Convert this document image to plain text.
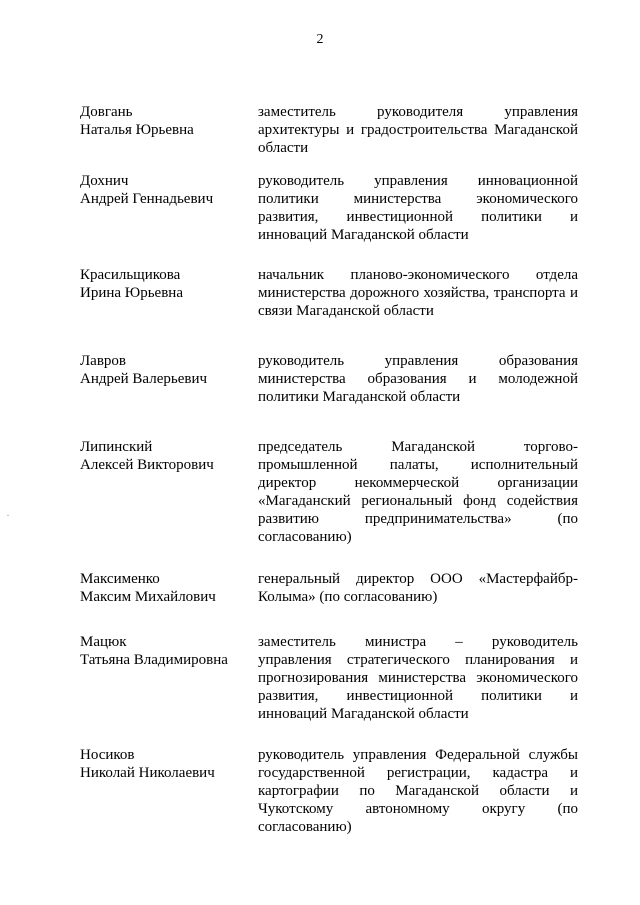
2
Довгань
Наталья Юрьевна
заместитель руководителя управления
архитектуры и градостроительства Магаданской
области
Дохнич
Андрей Геннадьевич
руководитель управления инновационной
политики министерства экономического
развития, инвестиционной политики и
инноваций Магаданской области
Красильщикова
Ирина Юрьевна
начальник планово-экономического отдела
министерства дорожного хозяйства, транспорта и
связи Магаданской области
Лавров
Андрей Валерьевич
руководитель управления образования
министерства образования и молодежной
политики Магаданской области
Липинский
Алексей Викторович
председатель Магаданской торгово-
промышленной палаты, исполнительный
директор некоммерческой организации
«Магаданский региональный фонд содействия
развитию предпринимательства» (по
согласованию)
Максименко
Максим Михайлович
генеральный директор ООО «Мастерфайбр-
Колыма» (по согласованию)
Мацюк
Татьяна Владимировна
заместитель министра – руководитель
управления стратегического планирования и
прогнозирования министерства экономического
развития, инвестиционной политики и
инноваций Магаданской области
Носиков
Николай Николаевич
руководитель управления Федеральной службы
государственной регистрации, кадастра и
картографии по Магаданской области и
Чукотскому автономному округу (по
согласованию)
